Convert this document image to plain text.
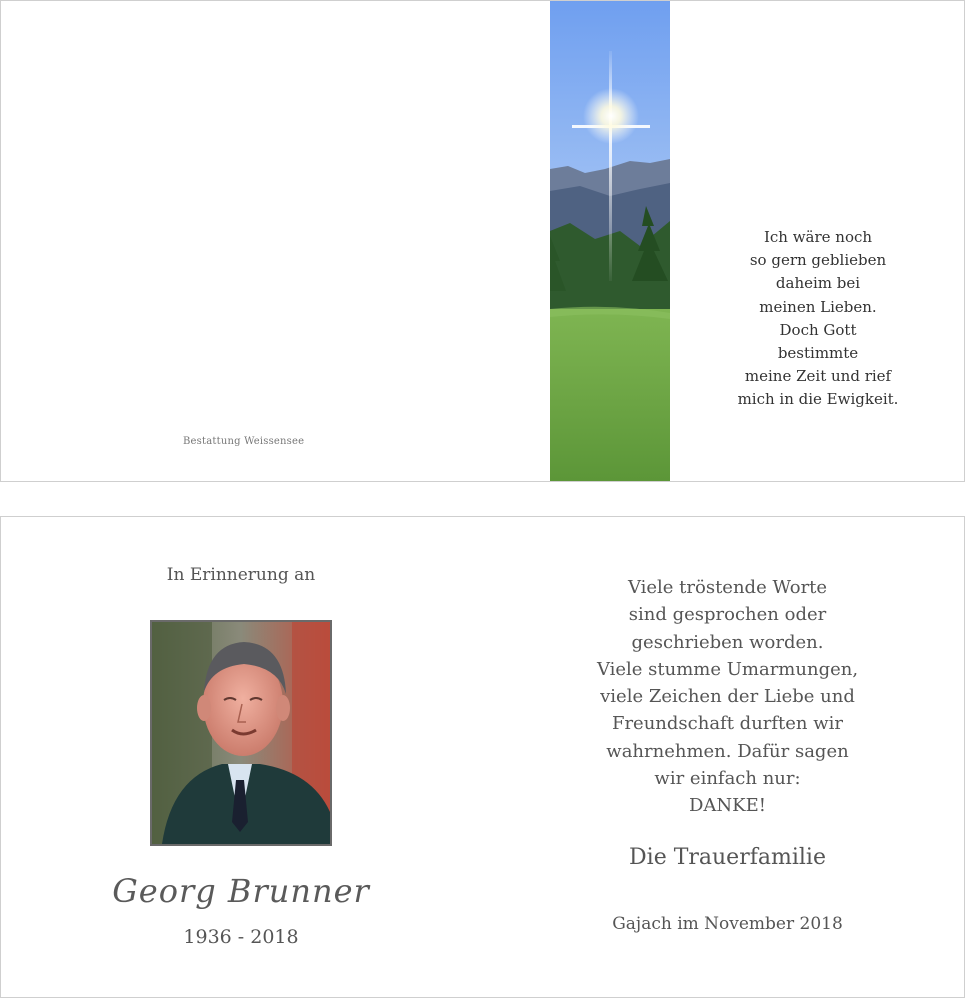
Bestattung Weissensee
Ich wäre noch
so gern geblieben
daheim bei
meinen Lieben.
Doch Gott
bestimmte
meine Zeit und rief
mich in die Ewigkeit.
In Erinnerung an
Georg Brunner
1936 - 2018
Viele tröstende Worte
sind gesprochen oder
geschrieben worden.
Viele stumme Umarmungen,
viele Zeichen der Liebe und
Freundschaft durften wir
wahrnehmen. Dafür sagen
wir einfach nur:
DANKE!
Die Trauerfamilie
Gajach im November 2018
